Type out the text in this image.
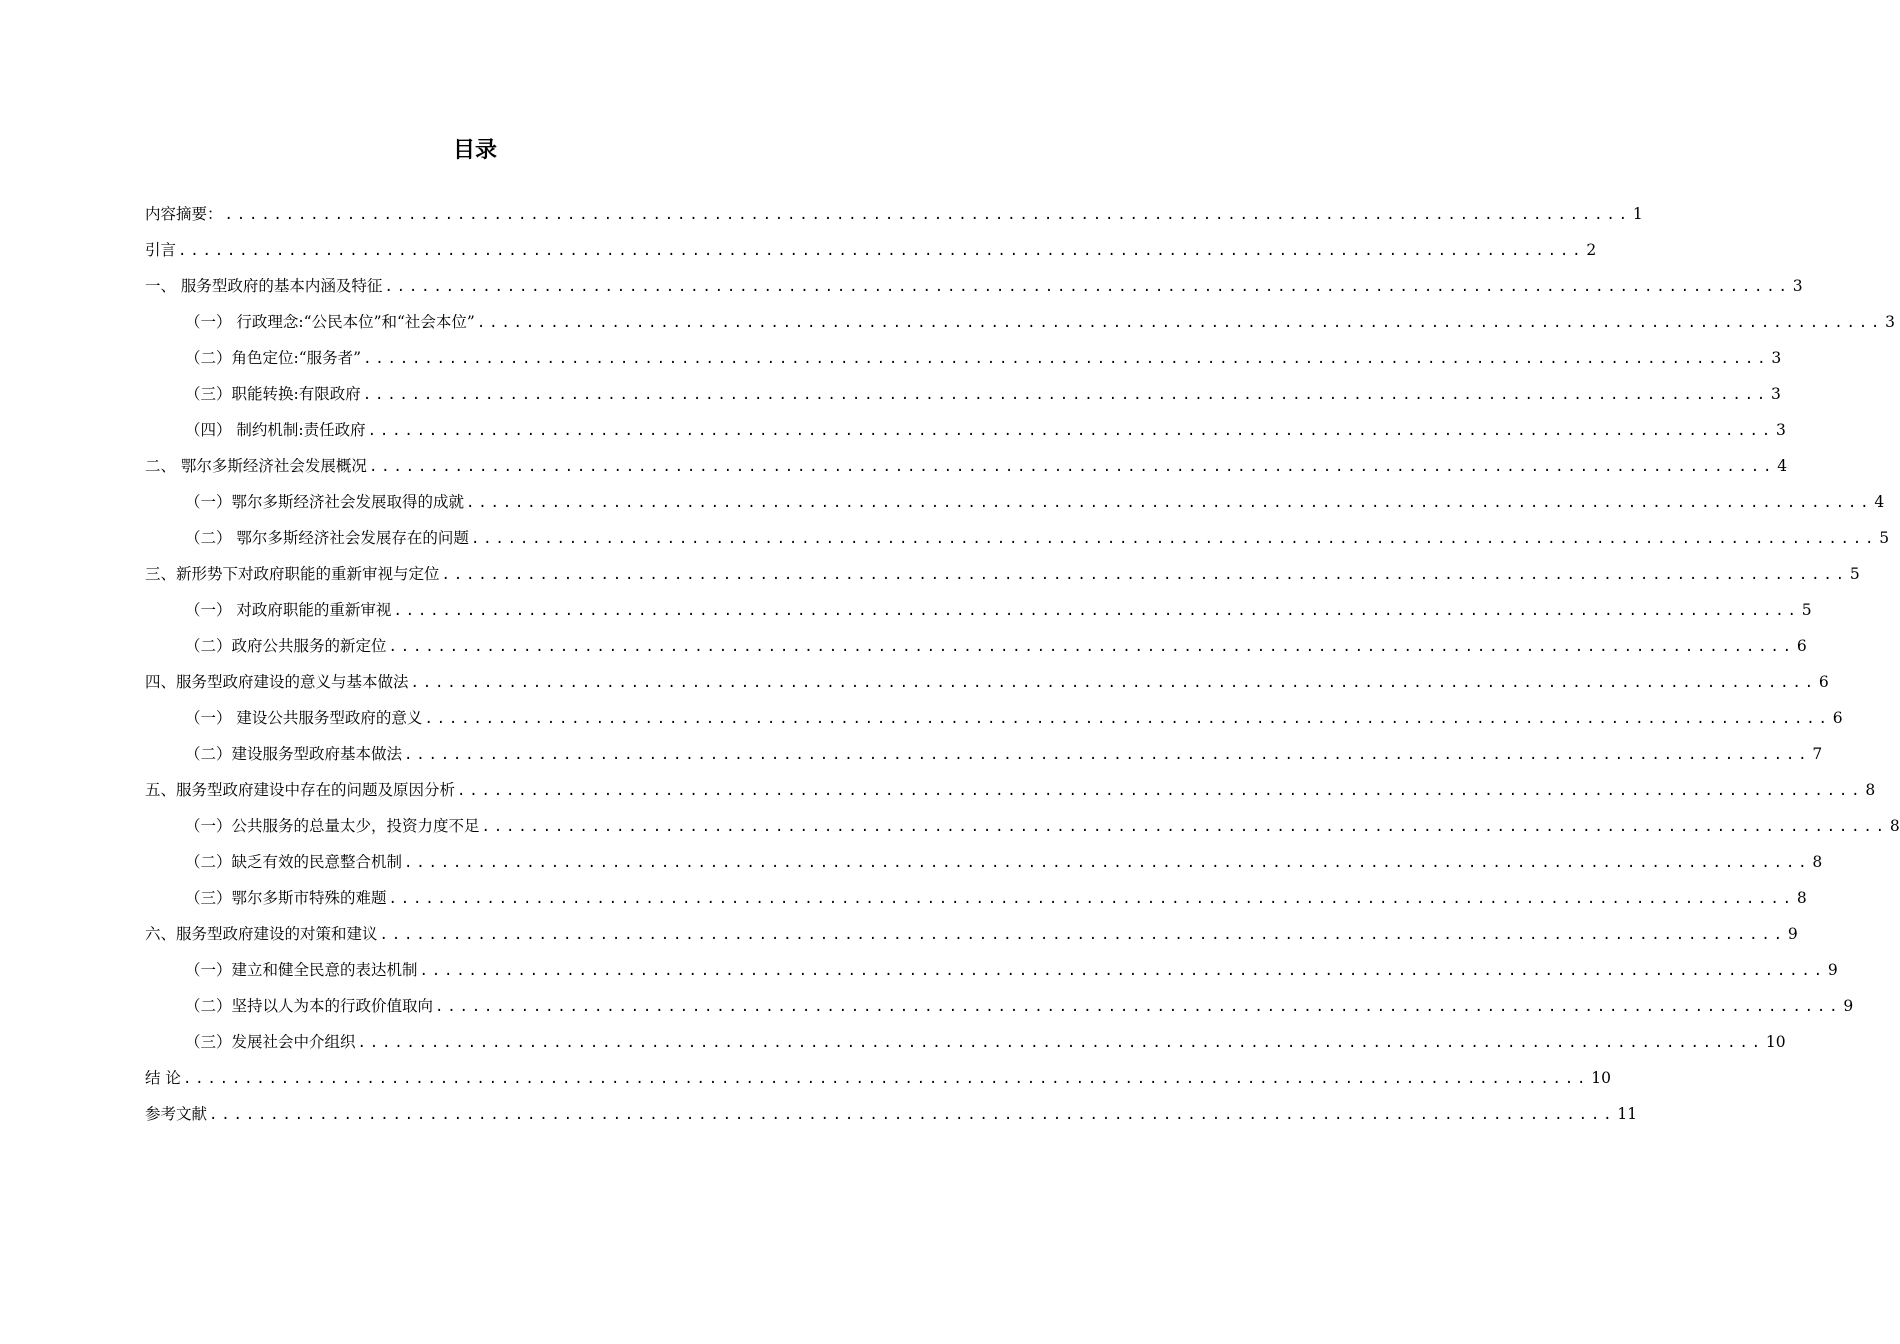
目录
内容摘要： ................................................................................................................... 1
引言 ................................................................................................................... 2
一、 服务型政府的基本内涵及特征 ................................................................................................................... 3
（一） 行政理念:“公民本位”和“社会本位” ................................................................................................................... 3
（二）角色定位:“服务者” ................................................................................................................... 3
（三）职能转换:有限政府 ................................................................................................................... 3
（四） 制约机制:责任政府 ................................................................................................................... 3
二、 鄂尔多斯经济社会发展概况 ................................................................................................................... 4
（一）鄂尔多斯经济社会发展取得的成就 ................................................................................................................... 4
（二） 鄂尔多斯经济社会发展存在的问题 ................................................................................................................... 5
三、新形势下对政府职能的重新审视与定位 ................................................................................................................... 5
（一） 对政府职能的重新审视 ................................................................................................................... 5
（二）政府公共服务的新定位 ................................................................................................................... 6
四、服务型政府建设的意义与基本做法 ................................................................................................................... 6
（一） 建设公共服务型政府的意义 ................................................................................................................... 6
（二）建设服务型政府基本做法 ................................................................................................................... 7
五、服务型政府建设中存在的问题及原因分析 ................................................................................................................... 8
（一）公共服务的总量太少，投资力度不足 ................................................................................................................... 8
（二）缺乏有效的民意整合机制 ................................................................................................................... 8
（三）鄂尔多斯市特殊的难题 ................................................................................................................... 8
六、服务型政府建设的对策和建议 ................................................................................................................... 9
（一）建立和健全民意的表达机制 ................................................................................................................... 9
（二）坚持以人为本的行政价值取向 ................................................................................................................... 9
（三）发展社会中介组织 ................................................................................................................... 10
结 论 ................................................................................................................... 10
参考文献 ................................................................................................................... 11
